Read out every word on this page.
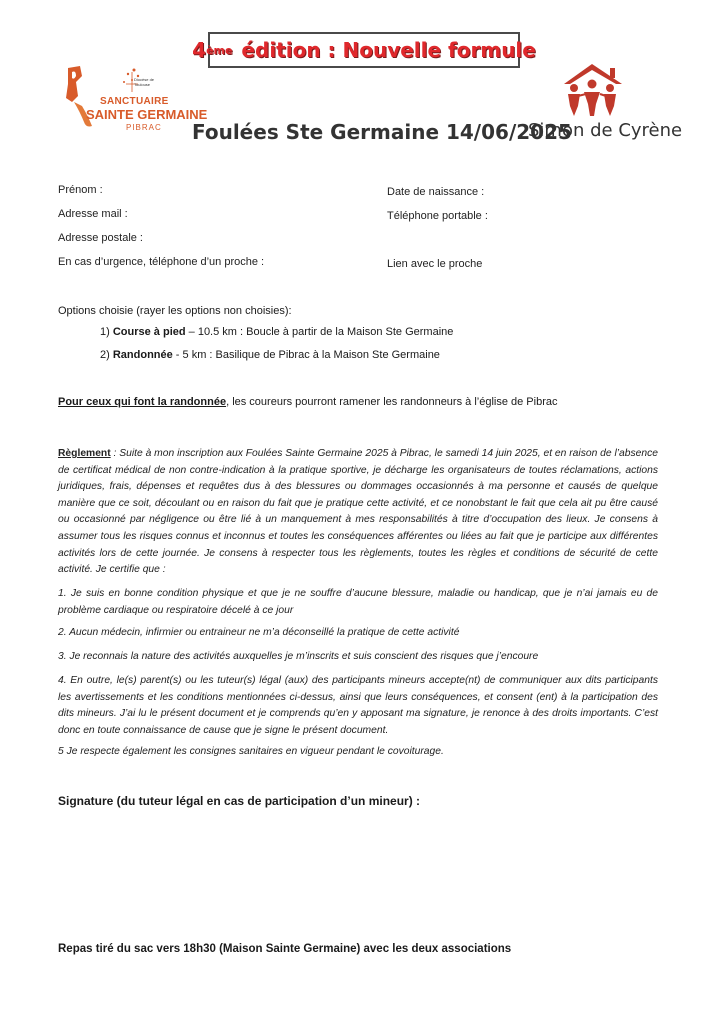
4 ème édition : Nouvelle formule
Diocèse de Toulouse
SANCTUAIRE
SAINTE GERMAINE
PIBRAC Foulées Ste Germaine 14/06/2025
Simon de Cyrène
Prénom :	Date de naissance :
Adresse mail :	Téléphone portable :
Adresse postale :
En cas d’urgence, téléphone d’un proche :	Lien avec le proche
Options choisie (rayer les options non choisies):
1) Course à pied – 10.5 km : Boucle à partir de la Maison Ste Germaine
2) Randonnée - 5 km : Basilique de Pibrac à la Maison Ste Germaine
Pour ceux qui font la randonnée, les coureurs pourront ramener les randonneurs à l’église de Pibrac
Règlement : Suite à mon inscription aux Foulées Sainte Germaine 2025 à Pibrac, le samedi 14 juin 2025, et en raison de l’absence de certificat médical de non contre-indication à la pratique sportive, je décharge les organisateurs de toutes réclamations, actions juridiques, frais, dépenses et requêtes dus à des blessures ou dommages occasionnés à ma personne et causés de quelque manière que ce soit, découlant ou en raison du fait que je pratique cette activité, et ce nonobstant le fait que cela ait pu être causé ou occasionné par négligence ou être lié à un manquement à mes responsabilités à titre d’occupation des lieux. Je consens à assumer tous les risques connus et inconnus et toutes les conséquences afférentes ou liées au fait que je participe aux différentes activités lors de cette journée. Je consens à respecter tous les règlements, toutes les règles et conditions de sécurité de cette activité. Je certifie que :
1. Je suis en bonne condition physique et que je ne souffre d’aucune blessure, maladie ou handicap, que je n’ai jamais eu de problème cardiaque ou respiratoire décelé à ce jour
2. Aucun médecin, infirmier ou entraineur ne m’a déconseillé la pratique de cette activité
3. Je reconnais la nature des activités auxquelles je m’inscrits et suis conscient des risques que j’encoure
4. En outre, le(s) parent(s) ou les tuteur(s) légal (aux) des participants mineurs accepte(nt) de communiquer aux dits participants les avertissements et les conditions mentionnées ci-dessus, ainsi que leurs conséquences, et consent (ent) à la participation des dits mineurs. J’ai lu le présent document et je comprends qu’en y apposant ma signature, je renonce à des droits importants. C’est donc en toute connaissance de cause que je signe le présent document.
5 Je respecte également les consignes sanitaires en vigueur pendant le covoiturage.
Signature (du tuteur légal en cas de participation d’un mineur) :
Repas tiré du sac vers 18h30 (Maison Sainte Germaine) avec les deux associations
